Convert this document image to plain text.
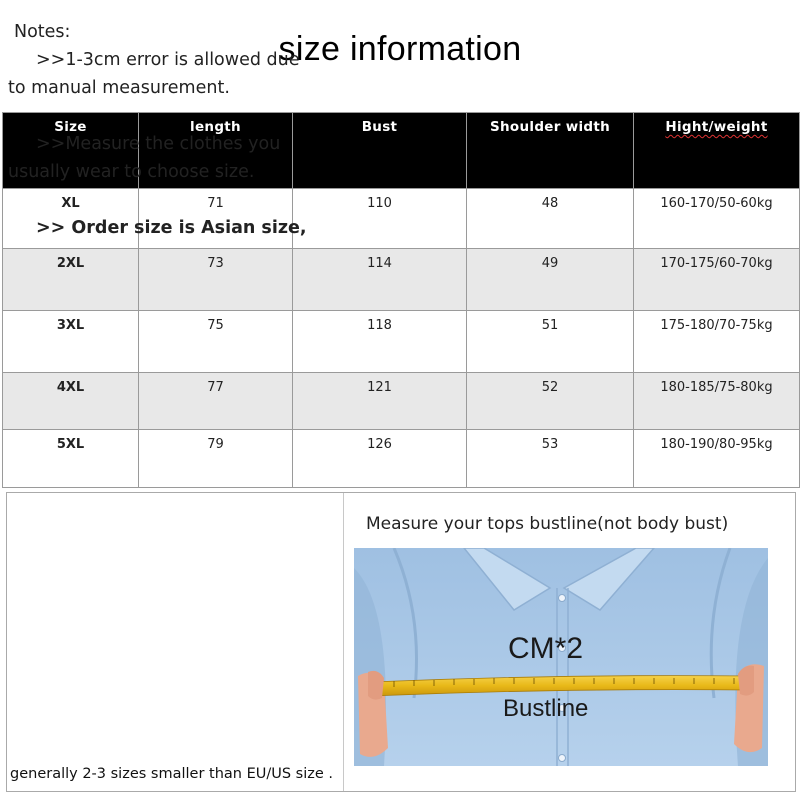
size information
Size	length	Bust	Shoulder width	Hight/weight
XL	71	110	48	160-170/50-60kg
2XL	73	114	49	170-175/60-70kg
3XL	75	118	51	175-180/70-75kg
4XL	77	121	52	180-185/75-80kg
5XL	79	126	53	180-190/80-95kg
Notes:
>>1-3cm error is allowed due
to manual measurement.
>>Measure the clothes you
usually wear to choose size.
>> Order size is Asian size,
generally 2-3 sizes smaller than EU/US size .
Measure your tops bustline(not body bust)
CM*2
Bustline
